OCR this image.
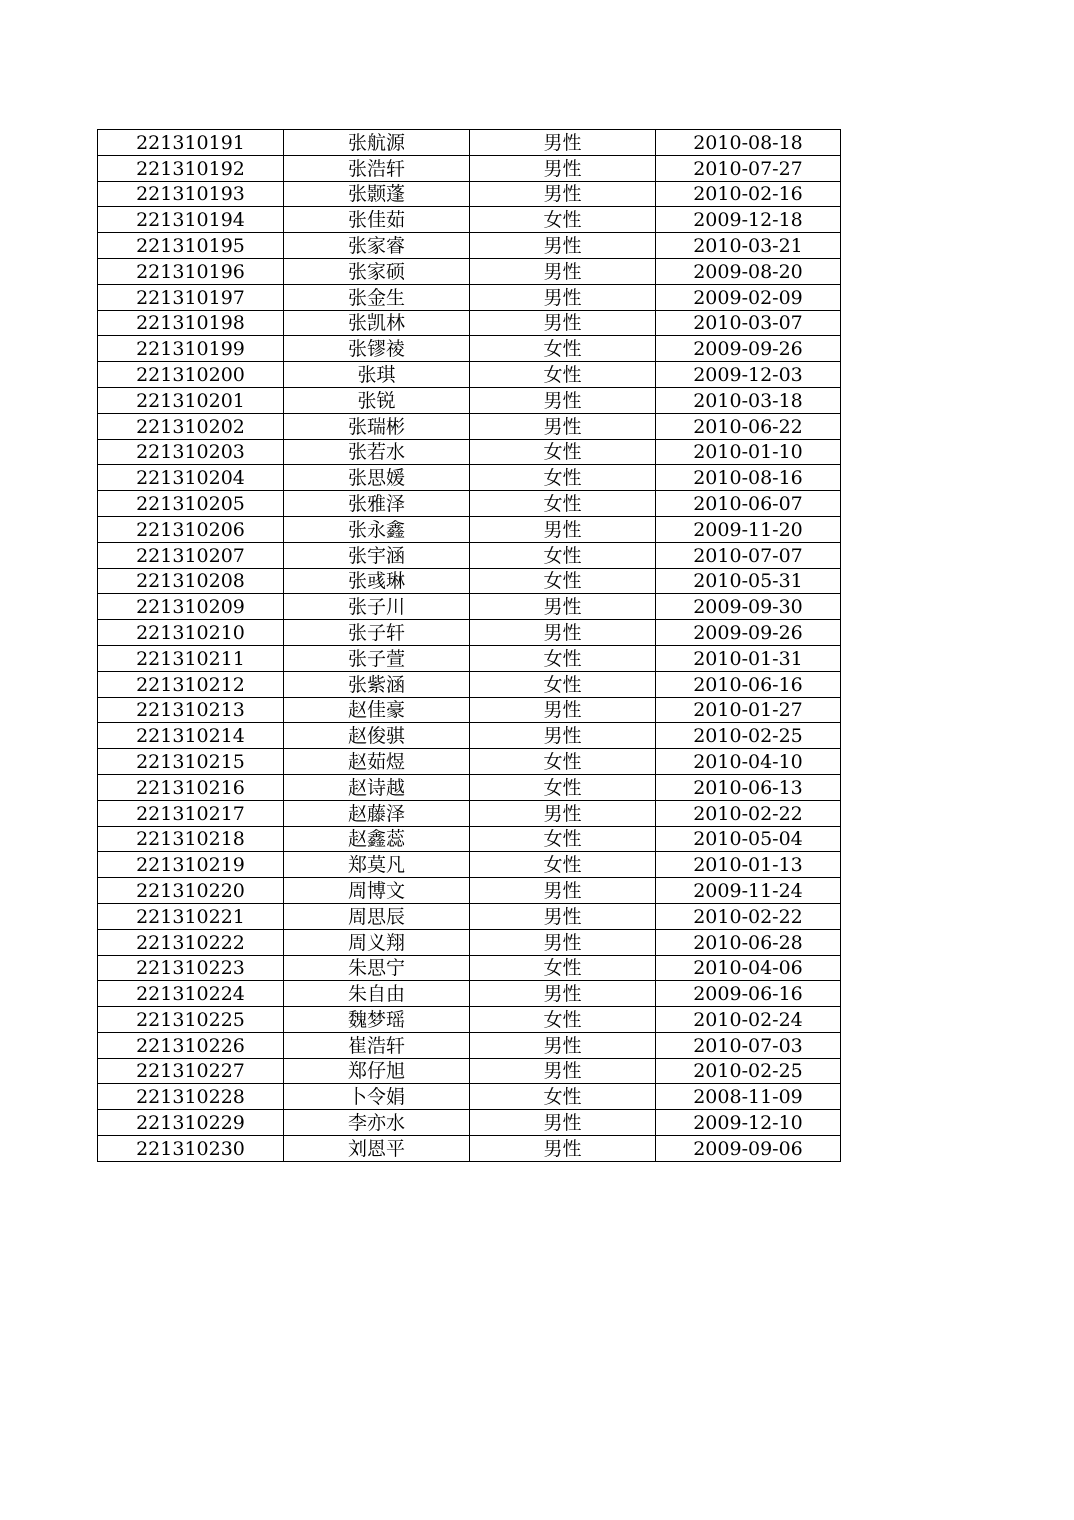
221310191	张航源	男性	2010-08-18
221310192	张浩轩	男性	2010-07-27
221310193	张颢蓬	男性	2010-02-16
221310194	张佳茹	女性	2009-12-18
221310195	张家睿	男性	2010-03-21
221310196	张家硕	男性	2009-08-20
221310197	张金生	男性	2009-02-09
221310198	张凯林	男性	2010-03-07
221310199	张镠祾	女性	2009-09-26
221310200	张琪	女性	2009-12-03
221310201	张锐	男性	2010-03-18
221310202	张瑞彬	男性	2010-06-22
221310203	张若水	女性	2010-01-10
221310204	张思媛	女性	2010-08-16
221310205	张雅泽	女性	2010-06-07
221310206	张永鑫	男性	2009-11-20
221310207	张宇涵	女性	2010-07-07
221310208	张彧琳	女性	2010-05-31
221310209	张子川	男性	2009-09-30
221310210	张子轩	男性	2009-09-26
221310211	张子萱	女性	2010-01-31
221310212	张紫涵	女性	2010-06-16
221310213	赵佳豪	男性	2010-01-27
221310214	赵俊骐	男性	2010-02-25
221310215	赵茹煜	女性	2010-04-10
221310216	赵诗越	女性	2010-06-13
221310217	赵藤泽	男性	2010-02-22
221310218	赵鑫蕊	女性	2010-05-04
221310219	郑莫凡	女性	2010-01-13
221310220	周博文	男性	2009-11-24
221310221	周思辰	男性	2010-02-22
221310222	周义翔	男性	2010-06-28
221310223	朱思宁	女性	2010-04-06
221310224	朱自由	男性	2009-06-16
221310225	魏梦瑶	女性	2010-02-24
221310226	崔浩轩	男性	2010-07-03
221310227	郑仔旭	男性	2010-02-25
221310228	卜令娟	女性	2008-11-09
221310229	李亦水	男性	2009-12-10
221310230	刘恩平	男性	2009-09-06
